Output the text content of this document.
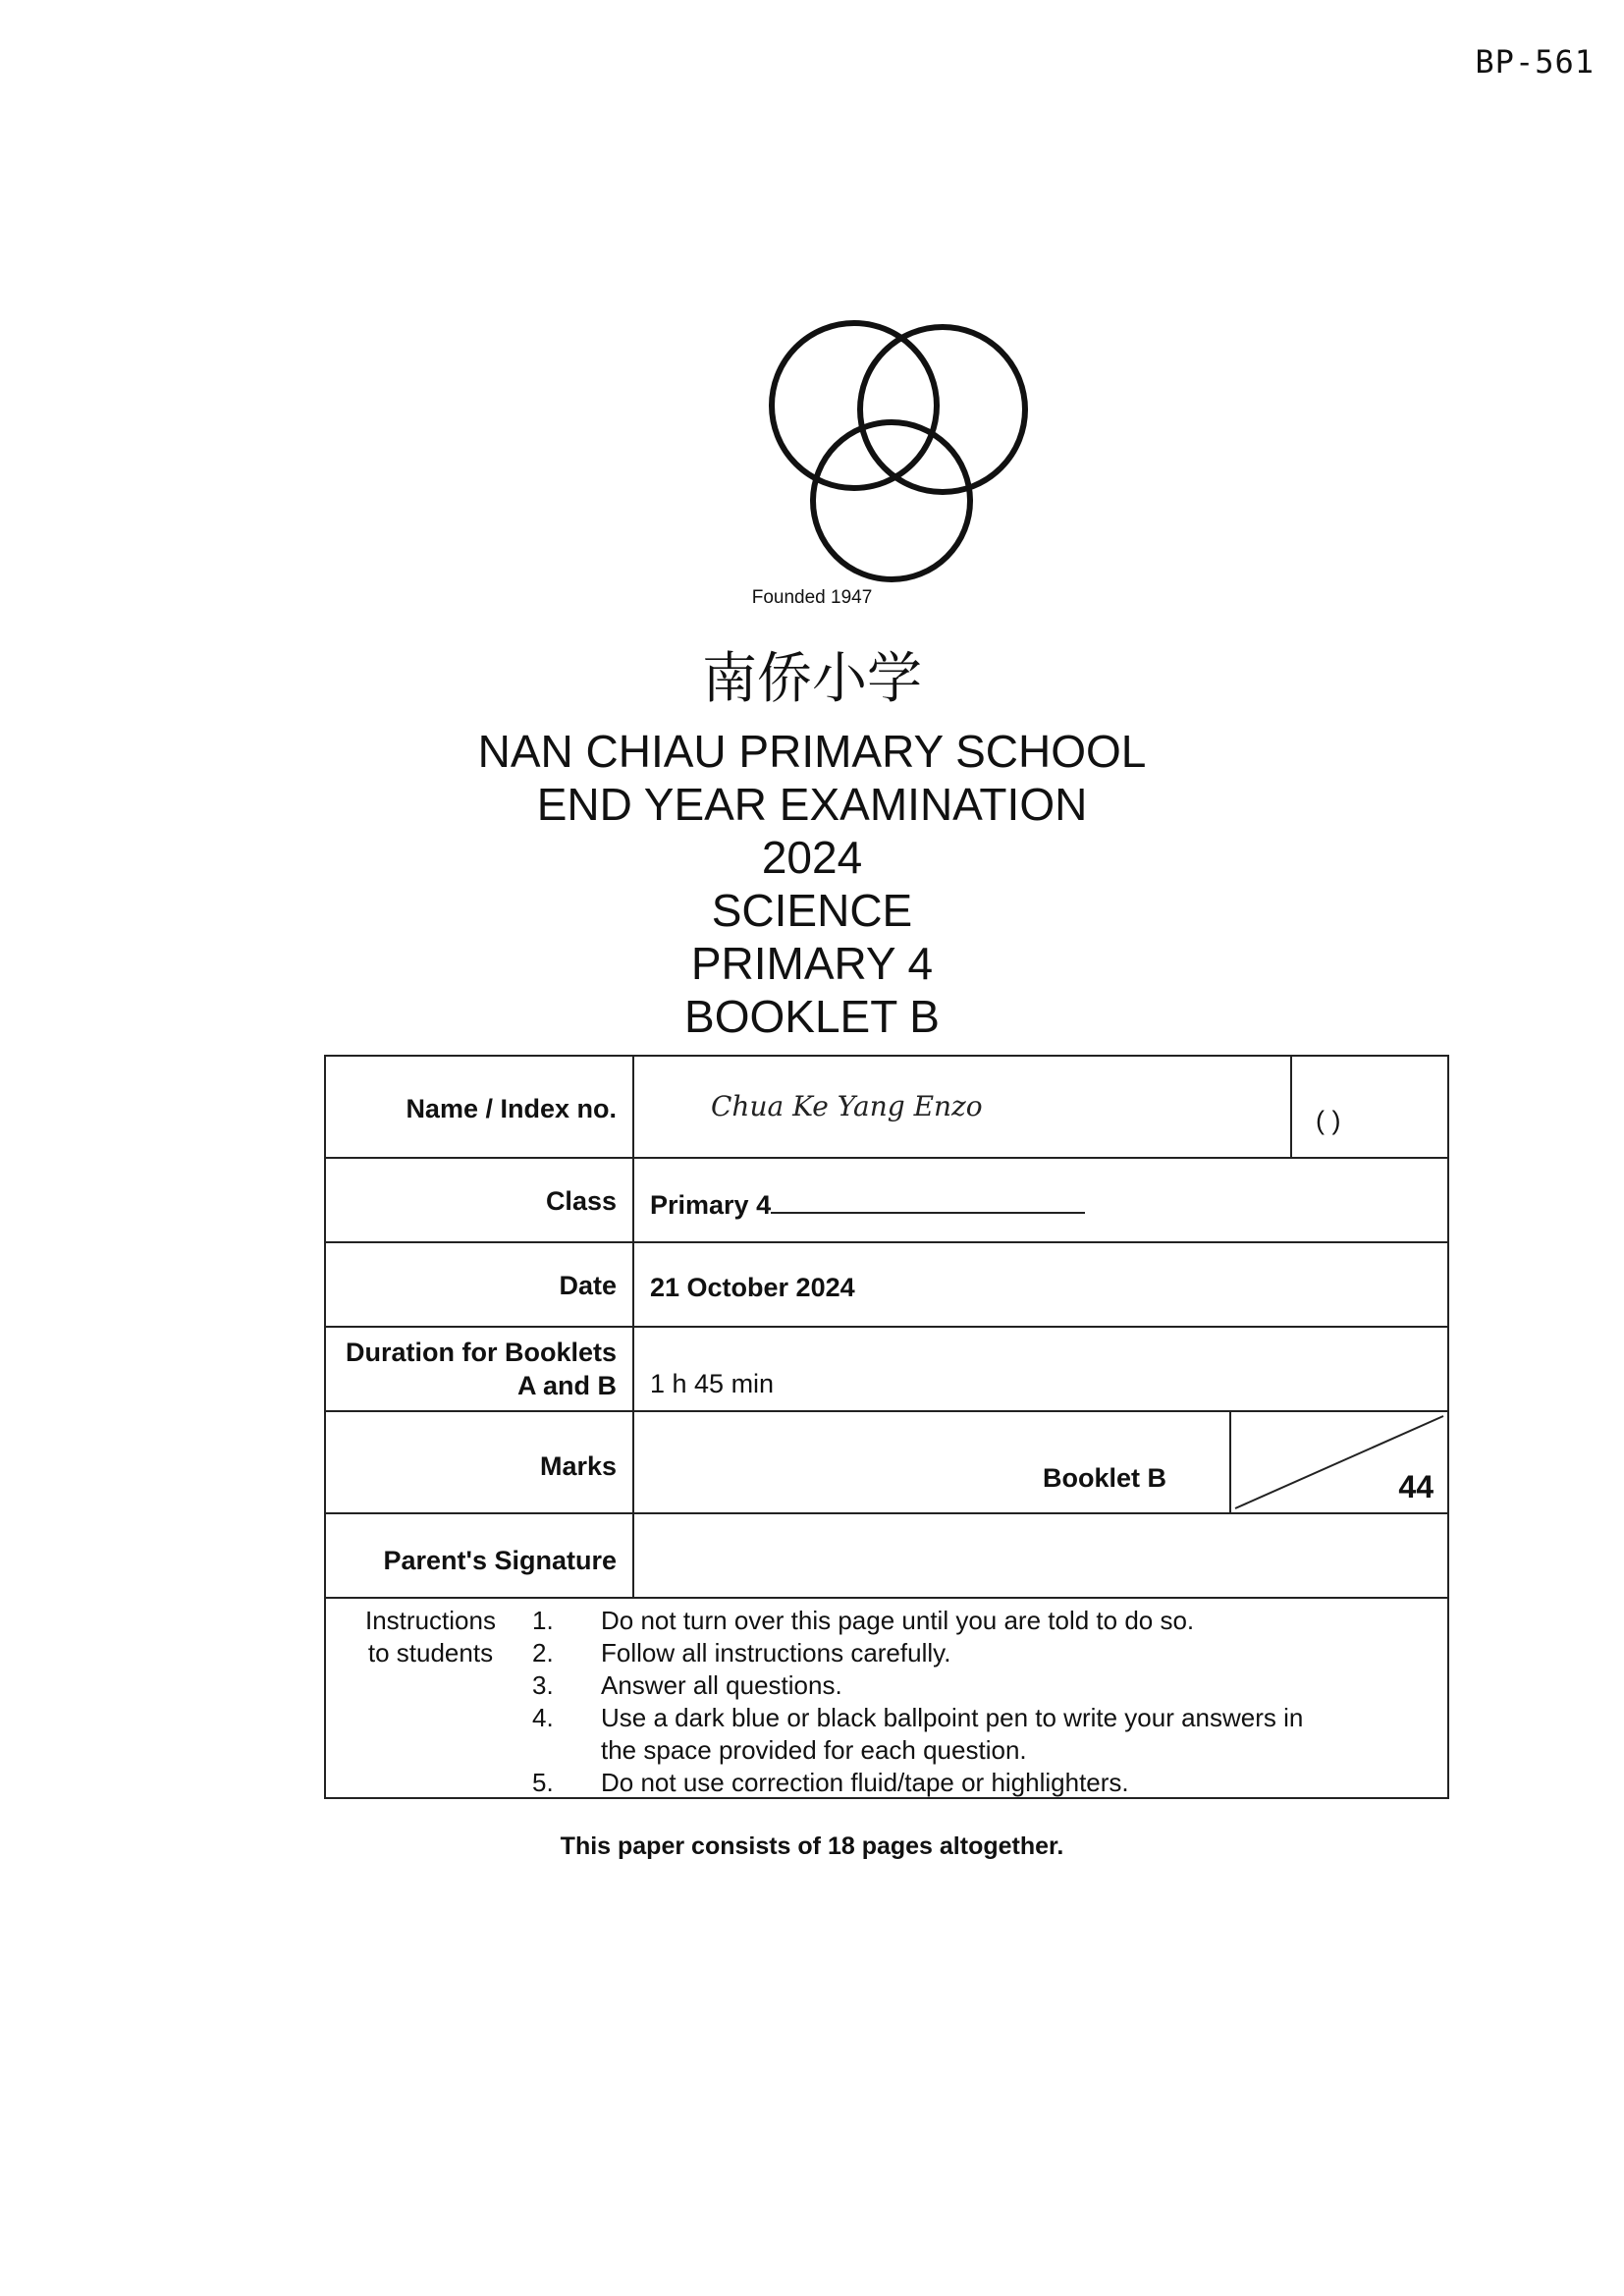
BP-561
Founded 1947
南侨小学
NAN CHIAU PRIMARY SCHOOL
END YEAR EXAMINATION
2024
SCIENCE
PRIMARY 4
BOOKLET B
Name / Index no.	Chua Ke Yang Enzo	( )
Class	Primary 4
Date	21 October 2024
Duration for Booklets A and B	1 h 45 min
Marks	Booklet B	44
Parent's Signature
Instructions
to students
1. Do not turn over this page until you are told to do so.
2. Follow all instructions carefully.
3. Answer all questions.
4. Use a dark blue or black ballpoint pen to write your answers in
the space provided for each question.
5. Do not use correction fluid/tape or highlighters.
This paper consists of 18 pages altogether.
